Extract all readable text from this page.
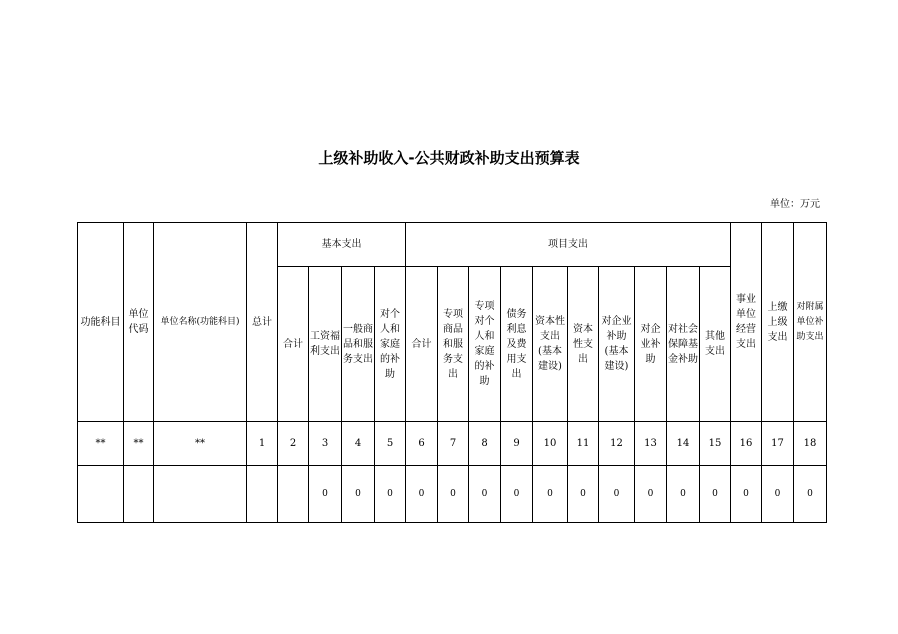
上级补助收入-公共财政补助支出预算表
单位：万元
功能科目	单位代码	单位名称(功能科目)	总计	基本支出				项目支出										事业单位经营支出	上缴上级支出	对附属单位补助支出
				合计	工资福利支出	一般商品和服务支出	对个人和家庭的补助	合计	专项商品和服务支出	专项对个人和家庭的补助	债务利息及费用支出	资本性支出(基本建设)	资本性支出	对企业补助(基本建设)	对企业补助	对社会保障基金补助	其他支出			
**	**	**	1	2	3	4	5	6	7	8	9	10	11	12	13	14	15	16	17	18
					0	0	0	0	0	0	0	0	0	0	0	0	0	0	0	0
